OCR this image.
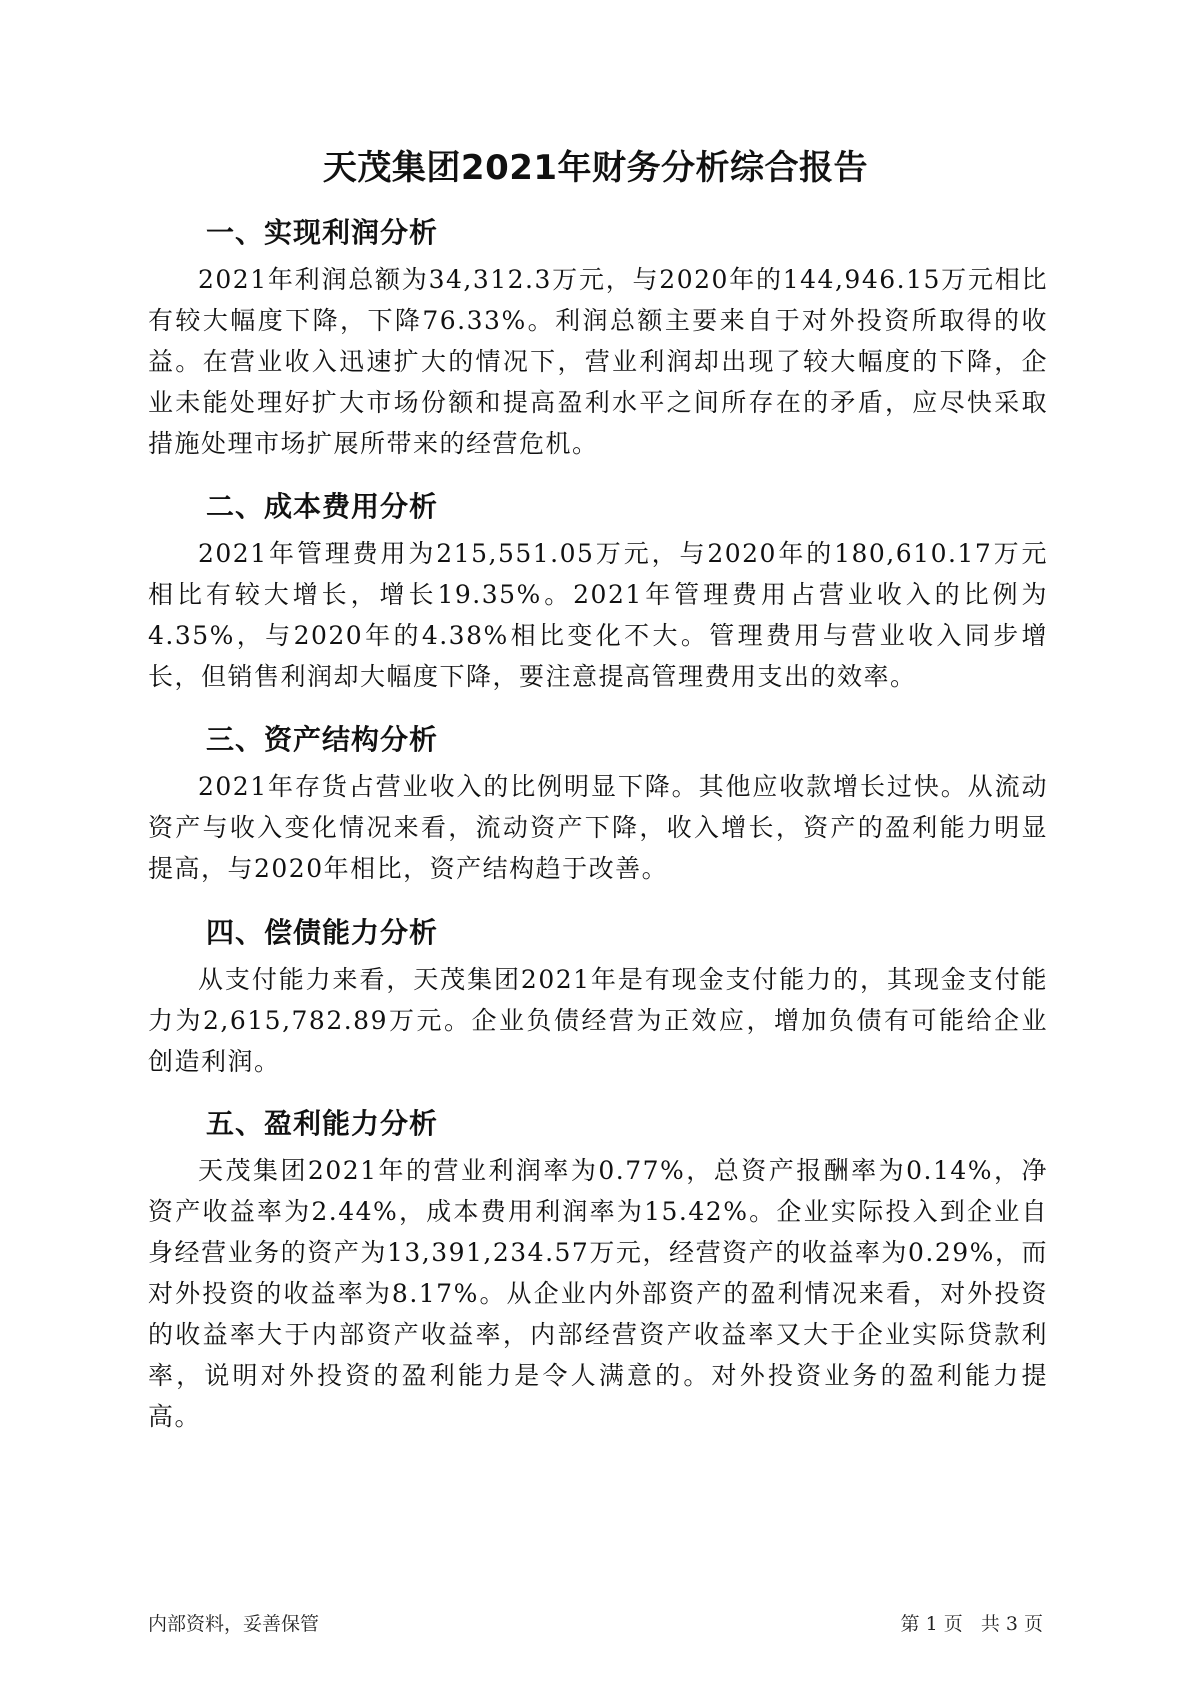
天茂集团2021年财务分析综合报告
一、实现利润分析

2021年利润总额为34,312.3万元，与2020年的144,946.15万元相比有较大幅度下降，下降76.33%。利润总额主要来自于对外投资所取得的收益。在营业收入迅速扩大的情况下，营业利润却出现了较大幅度的下降，企业未能处理好扩大市场份额和提高盈利水平之间所存在的矛盾，应尽快采取措施处理市场扩展所带来的经营危机。

二、成本费用分析

2021年管理费用为215,551.05万元，与2020年的180,610.17万元相比有较大增长，增长19.35%。2021年管理费用占营业收入的比例为4.35%，与2020年的4.38%相比变化不大。管理费用与营业收入同步增长，但销售利润却大幅度下降，要注意提高管理费用支出的效率。

三、资产结构分析

2021年存货占营业收入的比例明显下降。其他应收款增长过快。从流动资产与收入变化情况来看，流动资产下降，收入增长，资产的盈利能力明显提高，与2020年相比，资产结构趋于改善。

四、偿债能力分析

从支付能力来看，天茂集团2021年是有现金支付能力的，其现金支付能力为2,615,782.89万元。企业负债经营为正效应，增加负债有可能给企业创造利润。

五、盈利能力分析

天茂集团2021年的营业利润率为0.77%，总资产报酬率为0.14%，净资产收益率为2.44%，成本费用利润率为15.42%。企业实际投入到企业自身经营业务的资产为13,391,234.57万元，经营资产的收益率为0.29%，而对外投资的收益率为8.17%。从企业内外部资产的盈利情况来看，对外投资的收益率大于内部资产收益率，内部经营资产收益率又大于企业实际贷款利率，说明对外投资的盈利能力是令人满意的。对外投资业务的盈利能力提高。

内部资料，妥善保管	第 1 页 共 3 页
